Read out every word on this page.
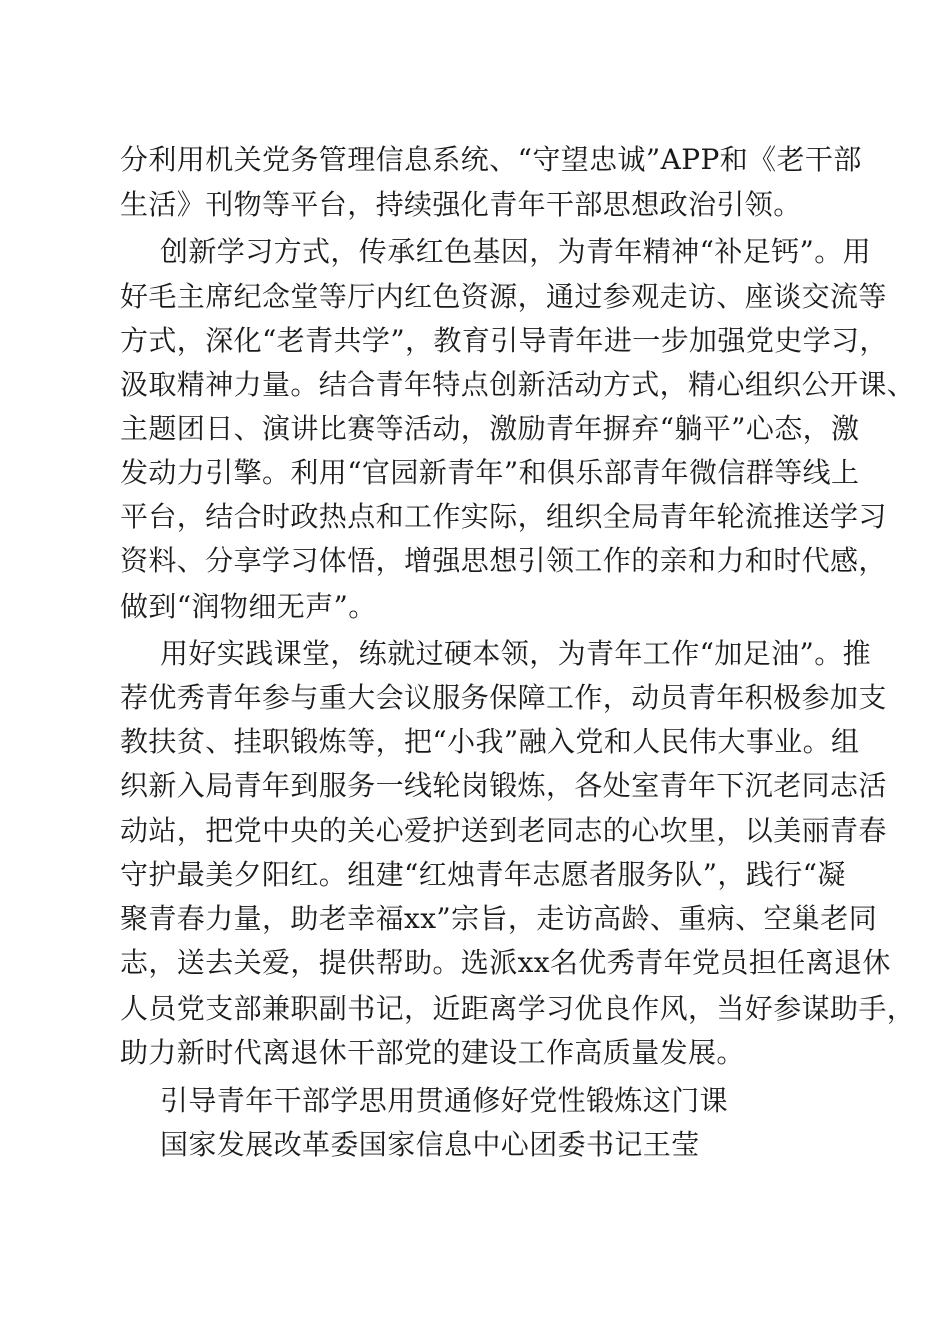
分利用机关党务管理信息系统、“守望忠诚”APP和《老干部
生活》刊物等平台，持续强化青年干部思想政治引领。
创新学习方式，传承红色基因，为青年精神“补足钙”。用
好毛主席纪念堂等厅内红色资源，通过参观走访、座谈交流等
方式，深化“老青共学”，教育引导青年进一步加强党史学习，
汲取精神力量。结合青年特点创新活动方式，精心组织公开课、
主题团日、演讲比赛等活动，激励青年摒弃“躺平”心态，激
发动力引擎。利用“官园新青年”和俱乐部青年微信群等线上
平台，结合时政热点和工作实际，组织全局青年轮流推送学习
资料、分享学习体悟，增强思想引领工作的亲和力和时代感，
做到“润物细无声”。
用好实践课堂，练就过硬本领，为青年工作“加足油”。推
荐优秀青年参与重大会议服务保障工作，动员青年积极参加支
教扶贫、挂职锻炼等，把“小我”融入党和人民伟大事业。组
织新入局青年到服务一线轮岗锻炼，各处室青年下沉老同志活
动站，把党中央的关心爱护送到老同志的心坎里，以美丽青春
守护最美夕阳红。组建“红烛青年志愿者服务队”，践行“凝
聚青春力量，助老幸福xx”宗旨，走访高龄、重病、空巢老同
志，送去关爱，提供帮助。选派xx名优秀青年党员担任离退休
人员党支部兼职副书记，近距离学习优良作风，当好参谋助手，
助力新时代离退休干部党的建设工作高质量发展。
引导青年干部学思用贯通修好党性锻炼这门课
国家发展改革委国家信息中心团委书记王莹
